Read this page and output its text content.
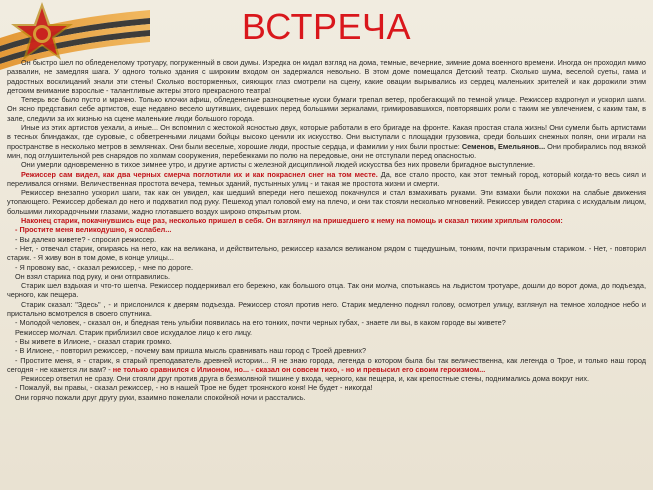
ВСТРЕЧА

Он быстро шел по обледенелому тротуару, погруженный в свои думы. Изредка он кидал взгляд на дома, темные, вечерние, зимние дома военного времени. Иногда он проходил мимо развалин, не замедляя шага. У одного только здания с широким входом он задержался невольно. В этом доме помещался Детский театр. Сколько шума, веселой суеты, гама и радостных восклицаний знали эти стены! Сколько восторженных, сияющих глаз смотрели на сцену, какие овации вырывались из сердец маленьких зрителей и как дорожили этим детским внимание взрослые - талантливые актеры этого прекрасного театра!

Теперь все было пусто и мрачно. Только клочки афиш, обледенелые разноцветные куски бумаги трепал ветер, пробегающий по темной улице. Режиссер вздрогнул и ускорил шаги. Он ясно представил себе артистов, еще недавно весело шутивших, сидевших перед большими зеркалами, гримировавшихся, повторявших роли с таким же увлечением, с каким там, в зале, следили за их жизнью на сцене маленькие люди большого города.

Иные из этих артистов уехали, а иные... Он вспомнил с жестокой ясностью двух, которые работали в его бригаде на фронте. Какая простая стала жизнь! Они сумели быть артистами в тесных блиндажах, где суровые, с обветренными лицами бойцы высоко ценили их искусство. Они выступали с площадки грузовика, среди больших снежных полян, они играли на пространстве в несколько метров в землянках. Они были веселые, хорошие люди, простые сердца, и фамилии у них были простые: Семенов, Емельянов... Они пробирались под вязкой мин, под оглушительной рев снарядов по холмам сооружения, перебежками по полю на передовые, они не отступали перед опасностью.

Они умерли одновременно в тихое зимнее утро, и другие артисты с железной дисциплиной людей искусства без них провели бригадное выступление.

Режиссер сам видел, как два черных смерча поглотили их и как покраснел снег на том месте. Да, все стало просто, как этот темный город, который когда-то весь сиял и переливался огнями. Величественная простота вечера, темных зданий, пустынных улиц - и такая же простота жизни и смерти.

Режиссер внезапно ускорил шаги, так как он увидел, как шедший впереди него пешеход покачнулся и стал взмахивать руками. Эти взмахи были похожи на слабые движения утопающего. Режиссер добежал до него и подхватил под руку. Пешеход упал головой ему на плечо, и они так стояли несколько мгновений. Режиссер увидел старика с исхудалым лицом, большими лихорадочными глазами, жадно глотавшего воздух широко открытым ртом.

Наконец старик, покачнувшись еще раз, несколько пришел в себя. Он взглянул на пришедшего к нему на помощь и сказал тихим хриплым голосом:

- Простите меня великодушно, я ослабел...

- Вы далеко живете? - спросил режиссер.

- Нет, - отвечал старик, опираясь на него, как на великана, и действительно, режиссер казался великаном рядом с тщедушным, тонким, почти призрачным стариком. - Нет, - повторил старик. - Я живу вон в том доме, в конце улицы...

- Я провожу вас, - сказал режиссер, - мне по дороге.

Он взял старика под руку, и они отправились.

Старик шел вздыхая и что-то шепча. Режиссер поддерживал его бережно, как большого отца. Так они молча, спотыкаясь на льдистом тротуаре, дошли до ворот дома, до подъезда, черного, как пещера.

Старик сказал: "Здесь" , - и прислонился к дверям подъезда. Режиссер стоял против него. Старик медленно поднял голову, осмотрел улицу, взглянул на темное холодное небо и пристально всмотрелся в своего спутника.

- Молодой человек, - сказал он, и бледная тень улыбки появилась на его тонких, почти черных губах, - знаете ли вы, в каком городе вы живете?

Режиссер молчал. Старик приблизил свое исхудалое лицо к его лицу.

- Вы живете в Илионе, - сказал старик громко.

- В Илионе, - повторил режиссер, - почему вам пришла мысль сравнивать наш город с Троей древних?

- Простите меня, я - старик, я старый преподаватель древней истории... Я не знаю города, легенда о котором была бы так величественна, как легенда о Трое, и только наш город сегодня - не кажется ли вам? - не только сравнился с Илионом, но... - сказал он совсем тихо, - но и превысил его своим героизмом...

Режиссер ответил не сразу. Они стояли друг против друга в безмолвной тишине у входа, черного, как пещера, и, как крепостные стены, поднимались дома вокруг них.

- Пожалуй, вы правы, - сказал режиссер, - но в нашей Трое не будет троянского коня! Не будет - никогда!

Они горячо пожали друг другу руки, взаимно пожелали спокойной ночи и расстались.
